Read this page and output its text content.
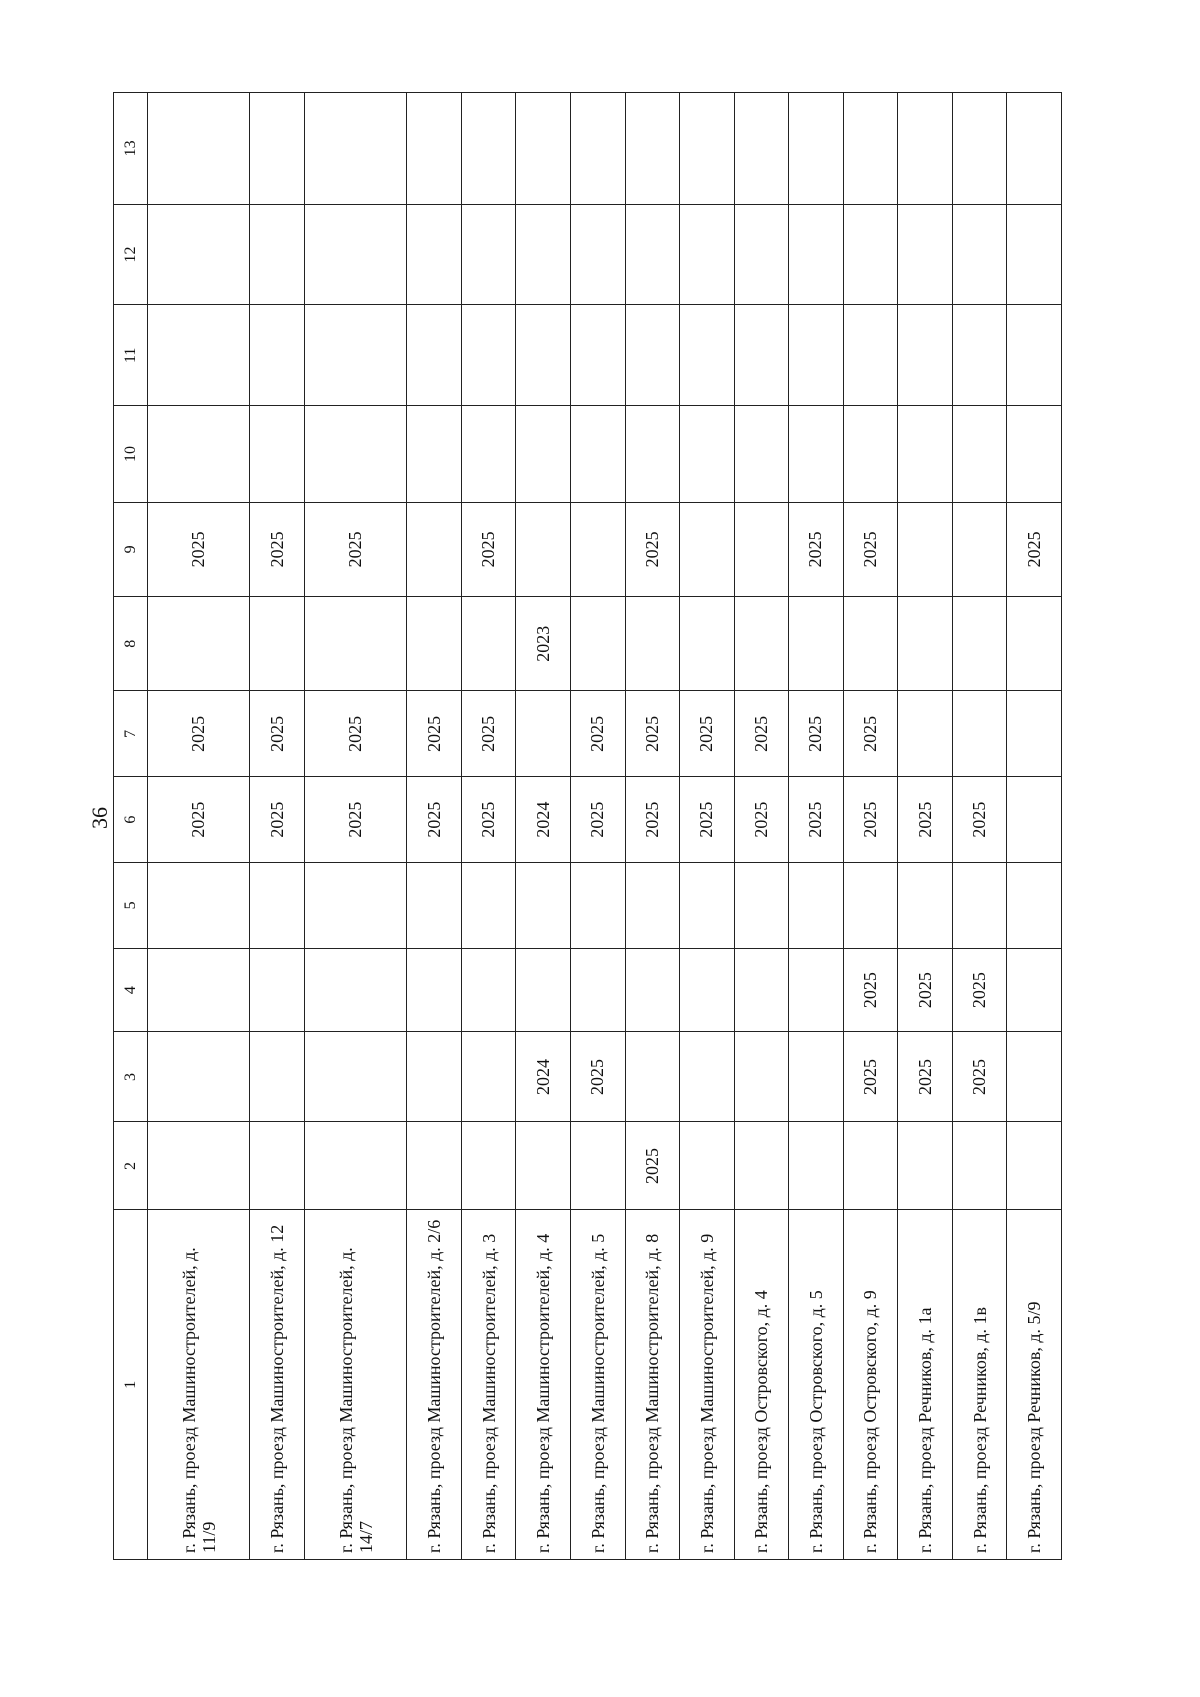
36
1	2	3	4	5	6	7	8	9	10	11	12	13
г. Рязань, проезд Машиностроителей, д. 11/9					2025	2025		2025				
г. Рязань, проезд Машиностроителей, д. 12					2025	2025		2025				
г. Рязань, проезд Машиностроителей, д. 14/7					2025	2025		2025				
г. Рязань, проезд Машиностроителей, д. 2/6					2025	2025						
г. Рязань, проезд Машиностроителей, д. 3					2025	2025		2025				
г. Рязань, проезд Машиностроителей, д. 4		2024			2024		2023					
г. Рязань, проезд Машиностроителей, д. 5		2025			2025	2025						
г. Рязань, проезд Машиностроителей, д. 8	2025				2025	2025		2025				
г. Рязань, проезд Машиностроителей, д. 9					2025	2025						
г. Рязань, проезд Островского, д. 4					2025	2025						
г. Рязань, проезд Островского, д. 5					2025	2025		2025				
г. Рязань, проезд Островского, д. 9		2025	2025		2025	2025		2025				
г. Рязань, проезд Речников, д. 1а		2025	2025		2025							
г. Рязань, проезд Речников, д. 1в		2025	2025		2025							
г. Рязань, проезд Речников, д. 5/9								2025				
